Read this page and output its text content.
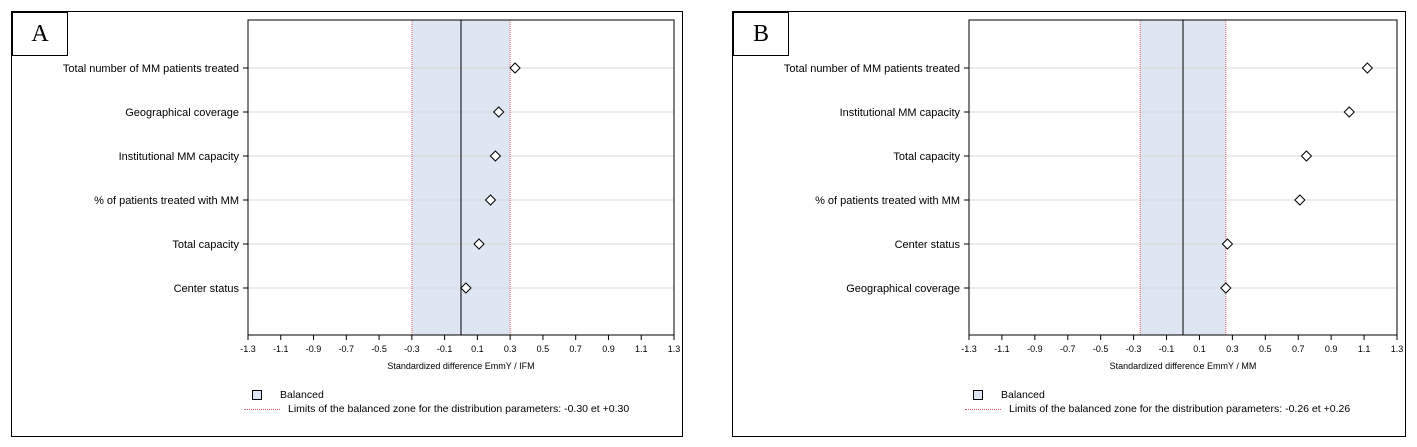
A
Total number of MM patients treated
Geographical coverage
Institutional MM capacity
% of patients treated with MM
Total capacity
Center status
-1.3 -1.1 -0.9 -0.7 -0.5 -0.3 -0.1 0.1 0.3 0.5 0.7 0.9 1.1 1.3
Standardized difference EmmY / IFM
Balanced
Limits of the balanced zone for the distribution parameters:
-0.30 et +0.30
B
Total number of MM patients treated
Institutional MM capacity
Total capacity
% of patients treated with MM
Center status
Geographical coverage
-1.3 -1.1 -0.9 -0.7 -0.5 -0.3 -0.1 0.1 0.3 0.5 0.7 0.9 1.1 1.3
Standardized difference EmmY / MM
Balanced
Limits of the balanced zone for the distribution parameters:
-0.26 et +0.26
